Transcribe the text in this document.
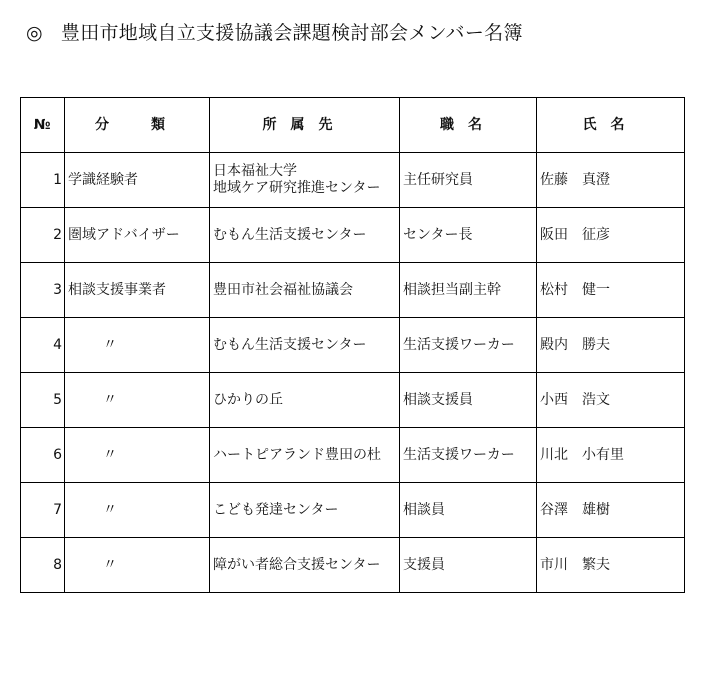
◎ 豊田市地域自立支援協議会課題検討部会メンバー名簿
№	分　類	所属先	職名	氏名
1	学識経験者	日本福祉大学
地域ケア研究推進センター	主任研究員	佐藤 真澄
2	圏域アドバイザー	むもん生活支援センター	センター長	阪田 征彦
3	相談支援事業者	豊田市社会福祉協議会	相談担当副主幹	松村 健一
4	〃	むもん生活支援センター	生活支援ワーカー	殿内 勝夫
5	〃	ひかりの丘	相談支援員	小西 浩文
6	〃	ハートピアランド豊田の杜	生活支援ワーカー	川北 小有里
7	〃	こども発達センター	相談員	谷澤 雄樹
8	〃	障がい者総合支援センター	支援員	市川 繁夫
